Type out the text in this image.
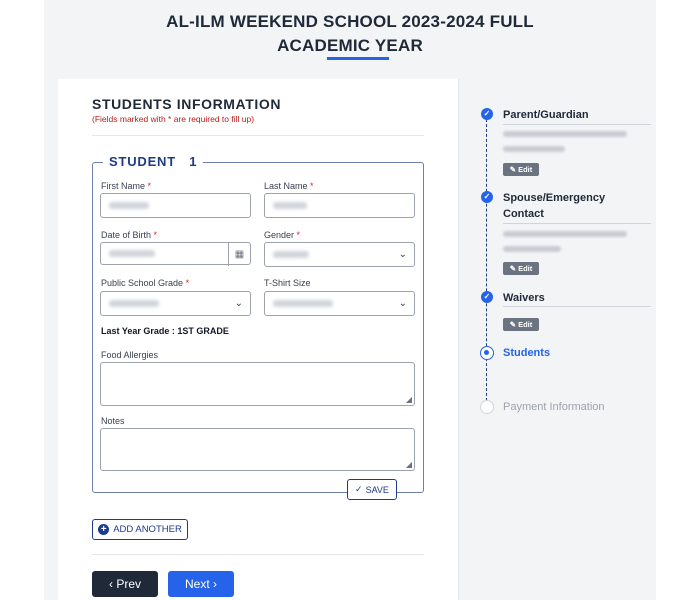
AL-ILM WEEKEND SCHOOL 2023-2024 FULL
ACADEMIC YEAR
STUDENTS INFORMATION
(Fields marked with * are required to fill up)
STUDENT 1
First Name *	Last Name *
Date of Birth *
▦
Gender *
⌄
Public School Grade *
⌄
T-Shirt Size
⌄
Last Year Grade : 1ST GRADE
Food Allergies
◢
Notes
◢
✓ SAVE
+ ADD ANOTHER
‹ Prev	Next ›
✓ Parent/Guardian
✎ Edit
✓ Spouse/Emergency Contact
✎ Edit
✓ Waivers
✎ Edit
Students
Payment Information
